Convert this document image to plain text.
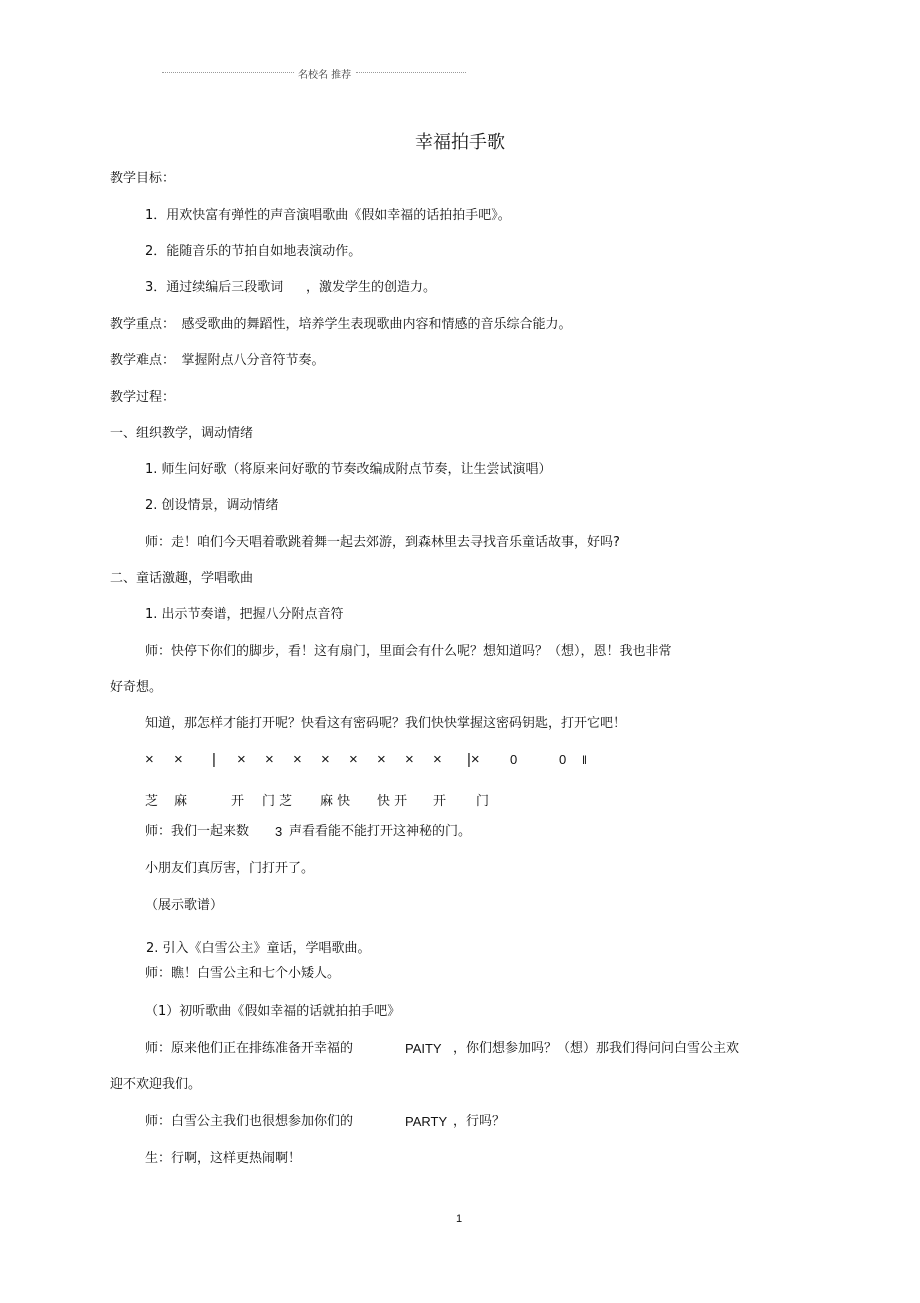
名校名 推荐
幸福拍手歌
教学目标：
1．用欢快富有弹性的声音演唱歌曲《假如幸福的话拍拍手吧》。
2．能随音乐的节拍自如地表演动作。
3．通过续编后三段歌词 ，激发学生的创造力。
教学重点：　感受歌曲的舞蹈性，培养学生表现歌曲内容和情感的音乐综合能力。
教学难点：　掌握附点八分音符节奏。
教学过程：
一、组织教学，调动情绪
1. 师生问好歌（将原来问好歌的节奏改编成附点节奏，让生尝试演唱）
2. 创设情景，调动情绪
师：走！咱们今天唱着歌跳着舞一起去郊游，到森林里去寻找音乐童话故事，好吗?
二、童话激趣，学唱歌曲
1. 出示节奏谱，把握八分附点音符
师：快停下你们的脚步，看！这有扇门，里面会有什么呢？想知道吗？（想），恩！我也非常
好奇想。
知道，那怎样才能打开呢？快看这有密码呢？我们快快掌握这密码钥匙，打开它吧！
× × | × × × × × × × × |× 0	0 ‖
芝 麻	开 门 芝 麻 快 快 开 开 门
师：我们一起来数 3 声看看能不能打开这神秘的门。
小朋友们真厉害，门打开了。
（展示歌谱）
2. 引入《白雪公主》童话，学唱歌曲。
师：瞧！白雪公主和七个小矮人。
（1）初听歌曲《假如幸福的话就拍拍手吧》
师：原来他们正在排练准备开幸福的	PAITY ，你们想参加吗？（想）那我们得问问白雪公主欢
迎不欢迎我们。
师：白雪公主我们也很想参加你们的	PARTY ，行吗？
生：行啊，这样更热闹啊！
1
